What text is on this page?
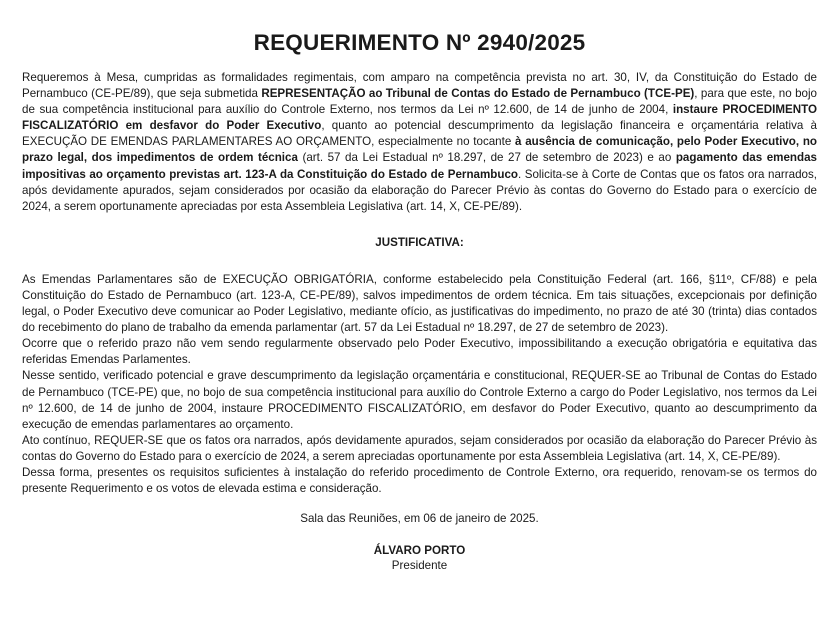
REQUERIMENTO Nº 2940/2025

Requeremos à Mesa, cumpridas as formalidades regimentais, com amparo na competência prevista no art. 30, IV, da Constituição do Estado de Pernambuco (CE-PE/89), que seja submetida REPRESENTAÇÃO ao Tribunal de Contas do Estado de Pernambuco (TCE-PE), para que este, no bojo de sua competência institucional para auxílio do Controle Externo, nos termos da Lei nº 12.600, de 14 de junho de 2004, instaure PROCEDIMENTO FISCALIZATÓRIO em desfavor do Poder Executivo, quanto ao potencial descumprimento da legislação financeira e orçamentária relativa à EXECUÇÃO DE EMENDAS PARLAMENTARES AO ORÇAMENTO, especialmente no tocante à ausência de comunicação, pelo Poder Executivo, no prazo legal, dos impedimentos de ordem técnica (art. 57 da Lei Estadual nº 18.297, de 27 de setembro de 2023) e ao pagamento das emendas impositivas ao orçamento previstas art. 123-A da Constituição do Estado de Pernambuco. Solicita-se à Corte de Contas que os fatos ora narrados, após devidamente apurados, sejam considerados por ocasião da elaboração do Parecer Prévio às contas do Governo do Estado para o exercício de 2024, a serem oportunamente apreciadas por esta Assembleia Legislativa (art. 14, X, CE-PE/89).

JUSTIFICATIVA:

As Emendas Parlamentares são de EXECUÇÃO OBRIGATÓRIA, conforme estabelecido pela Constituição Federal (art. 166, §11º, CF/88) e pela Constituição do Estado de Pernambuco (art. 123-A, CE-PE/89), salvos impedimentos de ordem técnica. Em tais situações, excepcionais por definição legal, o Poder Executivo deve comunicar ao Poder Legislativo, mediante ofício, as justificativas do impedimento, no prazo de até 30 (trinta) dias contados do recebimento do plano de trabalho da emenda parlamentar (art. 57 da Lei Estadual nº 18.297, de 27 de setembro de 2023).

Ocorre que o referido prazo não vem sendo regularmente observado pelo Poder Executivo, impossibilitando a execução obrigatória e equitativa das referidas Emendas Parlamentes.

Nesse sentido, verificado potencial e grave descumprimento da legislação orçamentária e constitucional, REQUER-SE ao Tribunal de Contas do Estado de Pernambuco (TCE-PE) que, no bojo de sua competência institucional para auxílio do Controle Externo a cargo do Poder Legislativo, nos termos da Lei nº 12.600, de 14 de junho de 2004, instaure PROCEDIMENTO FISCALIZATÓRIO, em desfavor do Poder Executivo, quanto ao descumprimento da execução de emendas parlamentares ao orçamento.

Ato contínuo, REQUER-SE que os fatos ora narrados, após devidamente apurados, sejam considerados por ocasião da elaboração do Parecer Prévio às contas do Governo do Estado para o exercício de 2024, a serem apreciadas oportunamente por esta Assembleia Legislativa (art. 14, X, CE-PE/89).

Dessa forma, presentes os requisitos suficientes à instalação do referido procedimento de Controle Externo, ora requerido, renovam-se os termos do presente Requerimento e os votos de elevada estima e consideração.

Sala das Reuniões, em 06 de janeiro de 2025.

ÁLVARO PORTO

Presidente
